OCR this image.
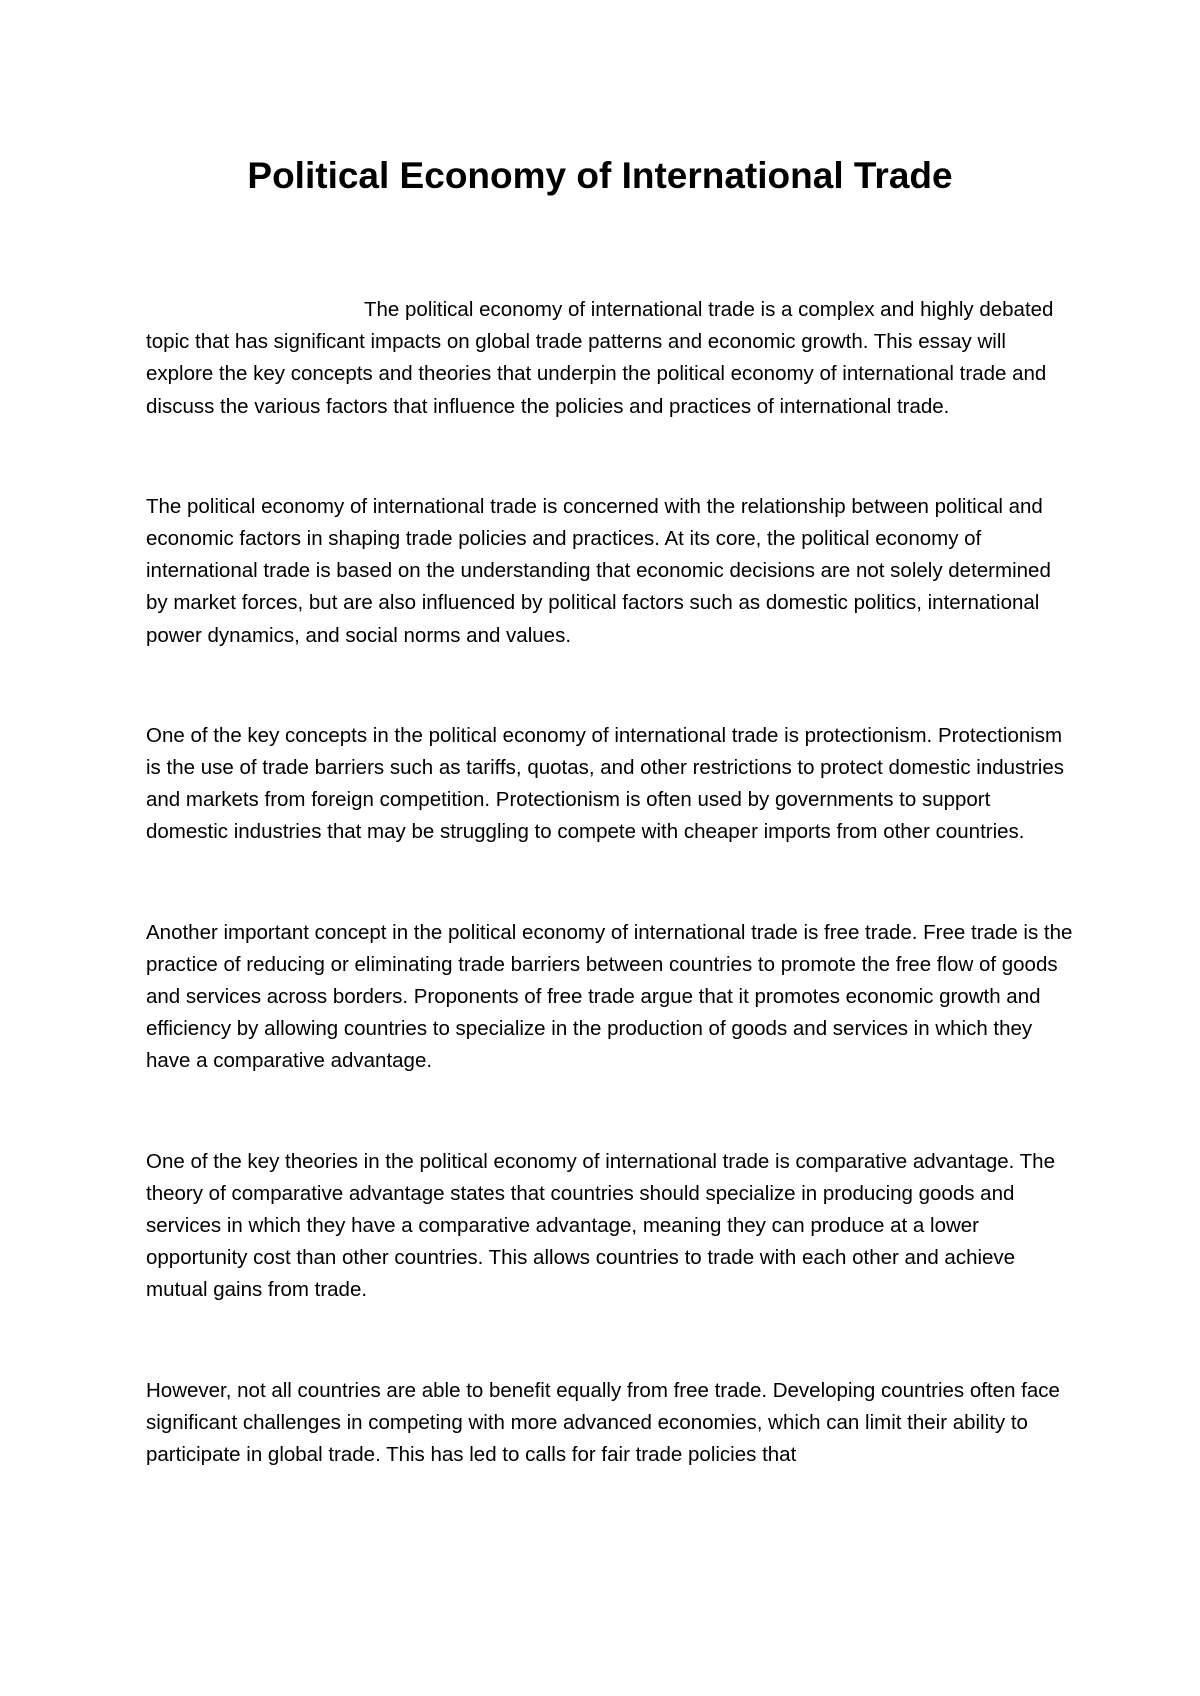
Political Economy of International Trade

The political economy of international trade is a complex and highly debated topic that has significant impacts on global trade patterns and economic growth. This essay will explore the key concepts and theories that underpin the political economy of international trade and discuss the various factors that influence the policies and practices of international trade.

The political economy of international trade is concerned with the relationship between political and economic factors in shaping trade policies and practices. At its core, the political economy of international trade is based on the understanding that economic decisions are not solely determined by market forces, but are also influenced by political factors such as domestic politics, international power dynamics, and social norms and values.

One of the key concepts in the political economy of international trade is protectionism. Protectionism is the use of trade barriers such as tariffs, quotas, and other restrictions to protect domestic industries and markets from foreign competition. Protectionism is often used by governments to support domestic industries that may be struggling to compete with cheaper imports from other countries.

Another important concept in the political economy of international trade is free trade. Free trade is the practice of reducing or eliminating trade barriers between countries to promote the free flow of goods and services across borders. Proponents of free trade argue that it promotes economic growth and efficiency by allowing countries to specialize in the production of goods and services in which they have a comparative advantage.

One of the key theories in the political economy of international trade is comparative advantage. The theory of comparative advantage states that countries should specialize in producing goods and services in which they have a comparative advantage, meaning they can produce at a lower opportunity cost than other countries. This allows countries to trade with each other and achieve mutual gains from trade.

However, not all countries are able to benefit equally from free trade. Developing countries often face significant challenges in competing with more advanced economies, which can limit their ability to participate in global trade. This has led to calls for fair trade policies that
